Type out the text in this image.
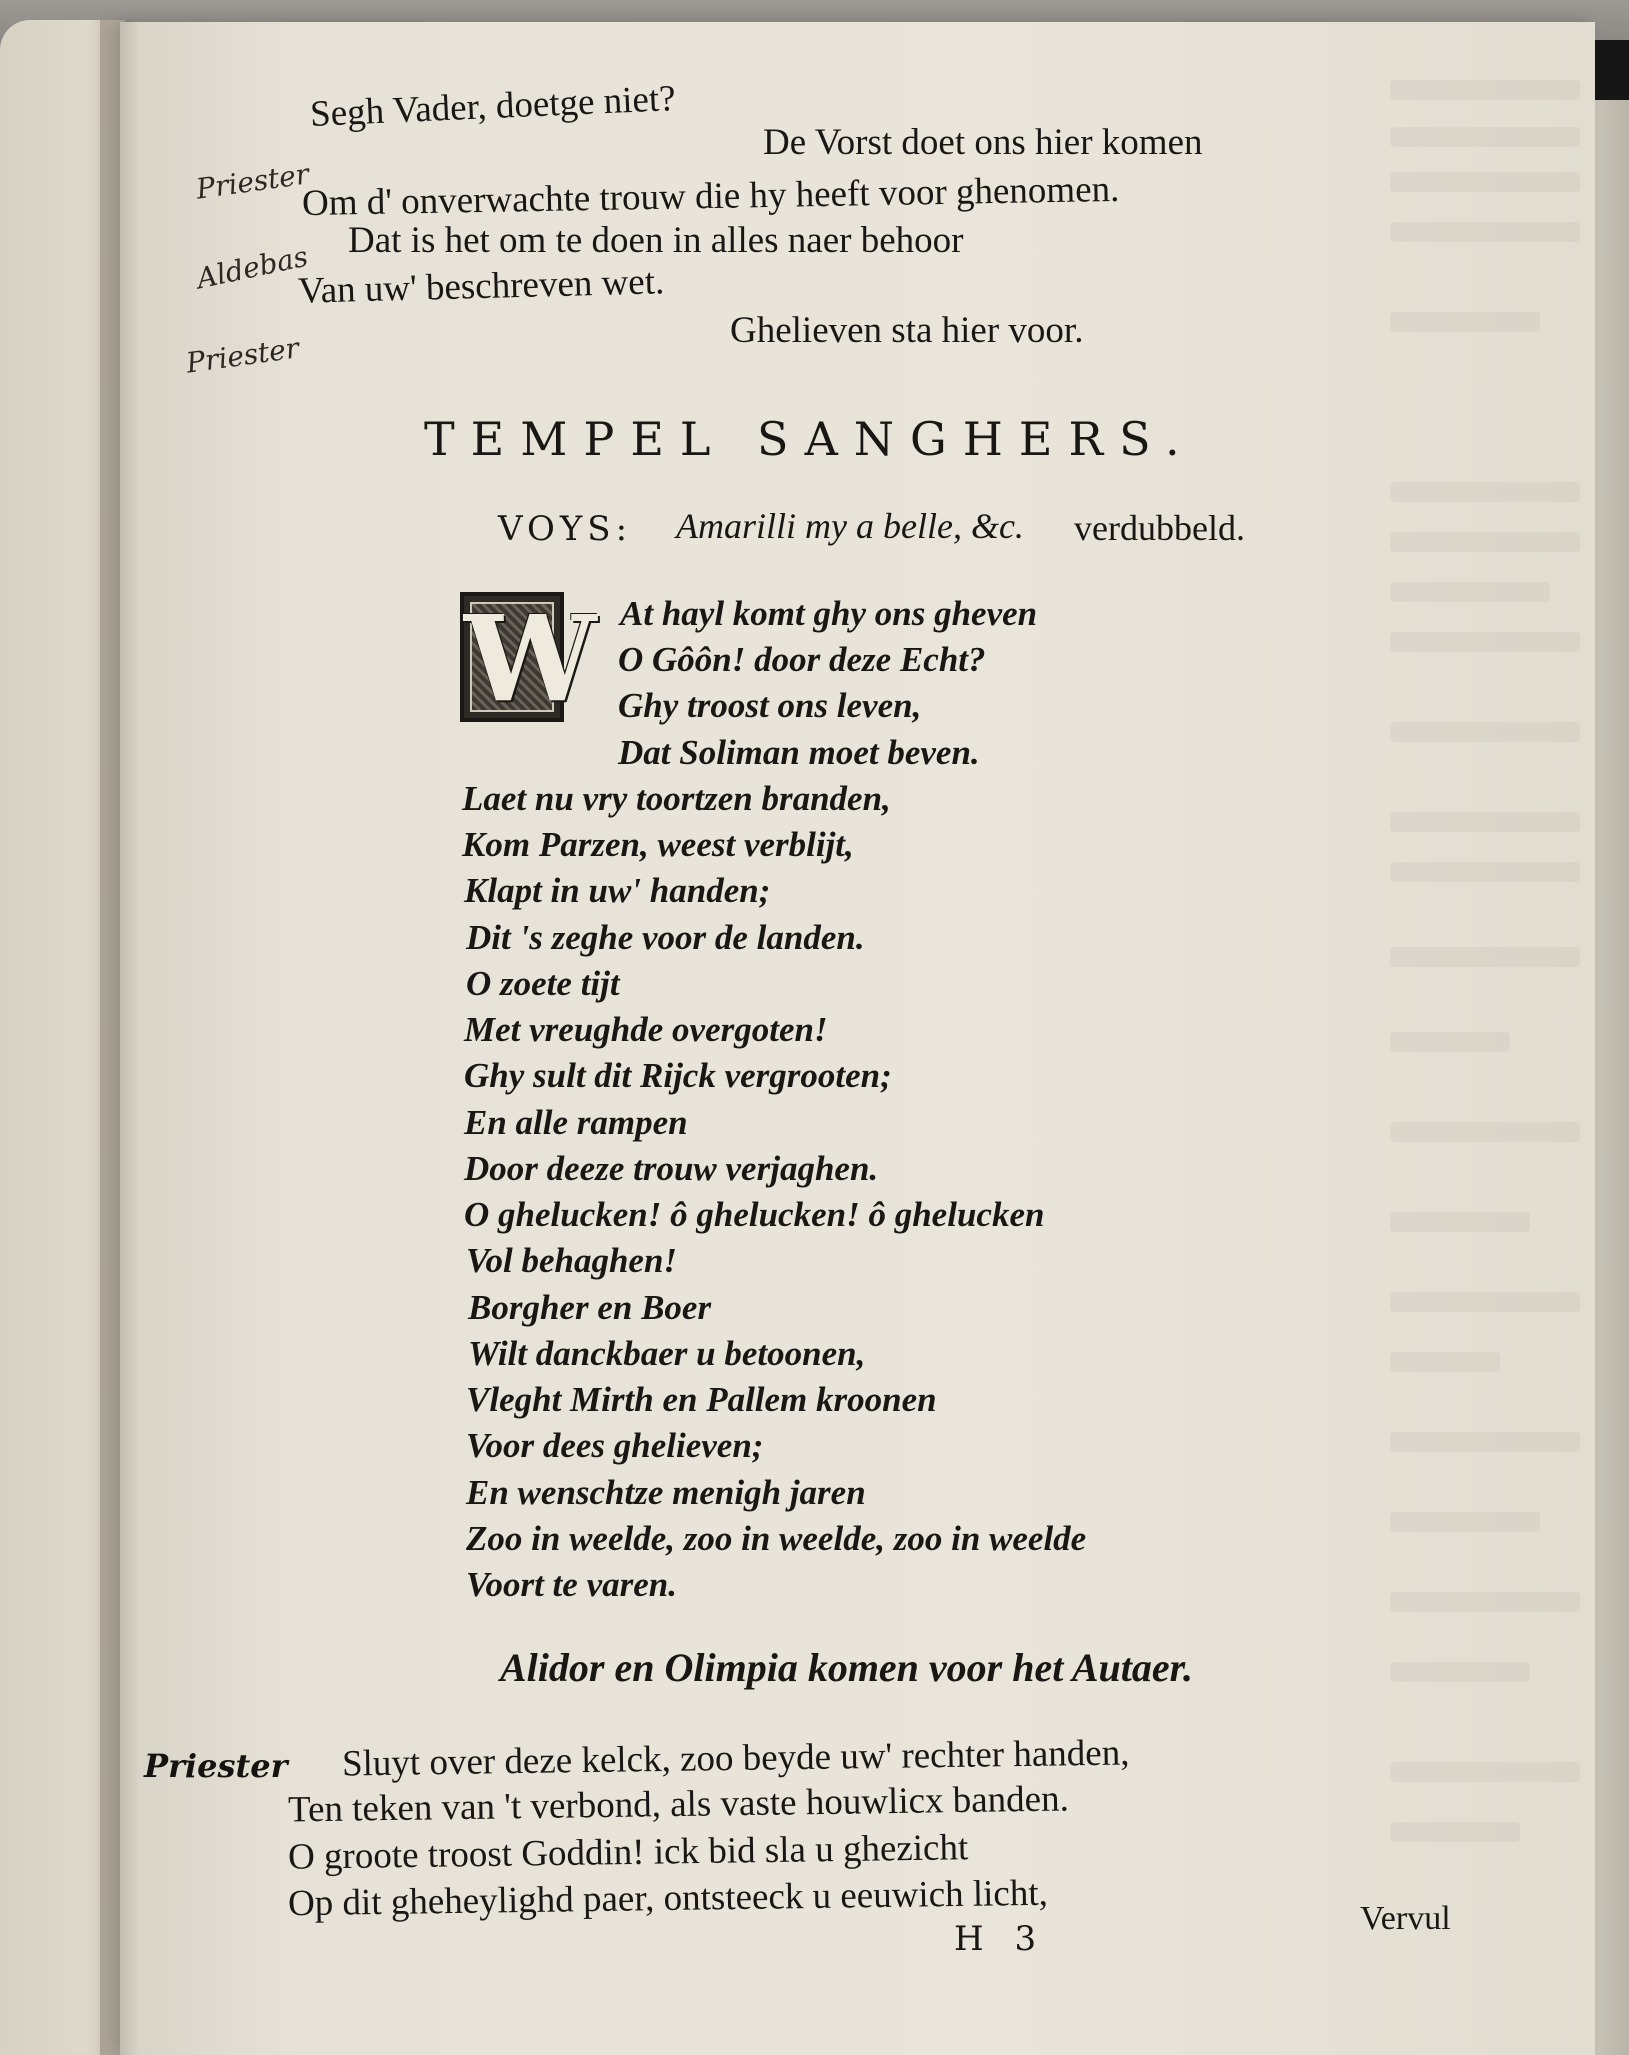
Segh Vader, doetge niet?
De Vorst doet ons hier komen
Om d' onverwachte trouw die hy heeft voor ghenomen.
Dat is het om te doen in alles naer behoor
Van uw' beschreven wet.
Ghelieven sta hier voor.
Priester
Aldebas
Priester
TEMPEL SANGHERS.
VOYS: Amarilli my a belle, &c. verdubbeld.
W At hayl komt ghy ons gheven
O Gôôn! door deze Echt?
Ghy troost ons leven,
Dat Soliman moet beven.
Laet nu vry toortzen branden,
Kom Parzen, weest verblijt,
Klapt in uw' handen;
Dit 's zeghe voor de landen.
O zoete tijt
Met vreughde overgoten!
Ghy sult dit Rijck vergrooten;
En alle rampen
Door deeze trouw verjaghen.
O ghelucken! ô ghelucken! ô ghelucken
Vol behaghen!
Borgher en Boer
Wilt danckbaer u betoonen,
Vleght Mirth en Pallem kroonen
Voor dees ghelieven;
En wenschtze menigh jaren
Zoo in weelde, zoo in weelde, zoo in weelde
Voort te varen.
Alidor en Olimpia komen voor het Autaer.
Priester Sluyt over deze kelck, zoo beyde uw' rechter handen,
Ten teken van 't verbond, als vaste houwlicx banden.
O groote troost Goddin! ick bid sla u ghezicht
Op dit gheheylighd paer, ontsteeck u eeuwich licht,
H 3
Vervul
